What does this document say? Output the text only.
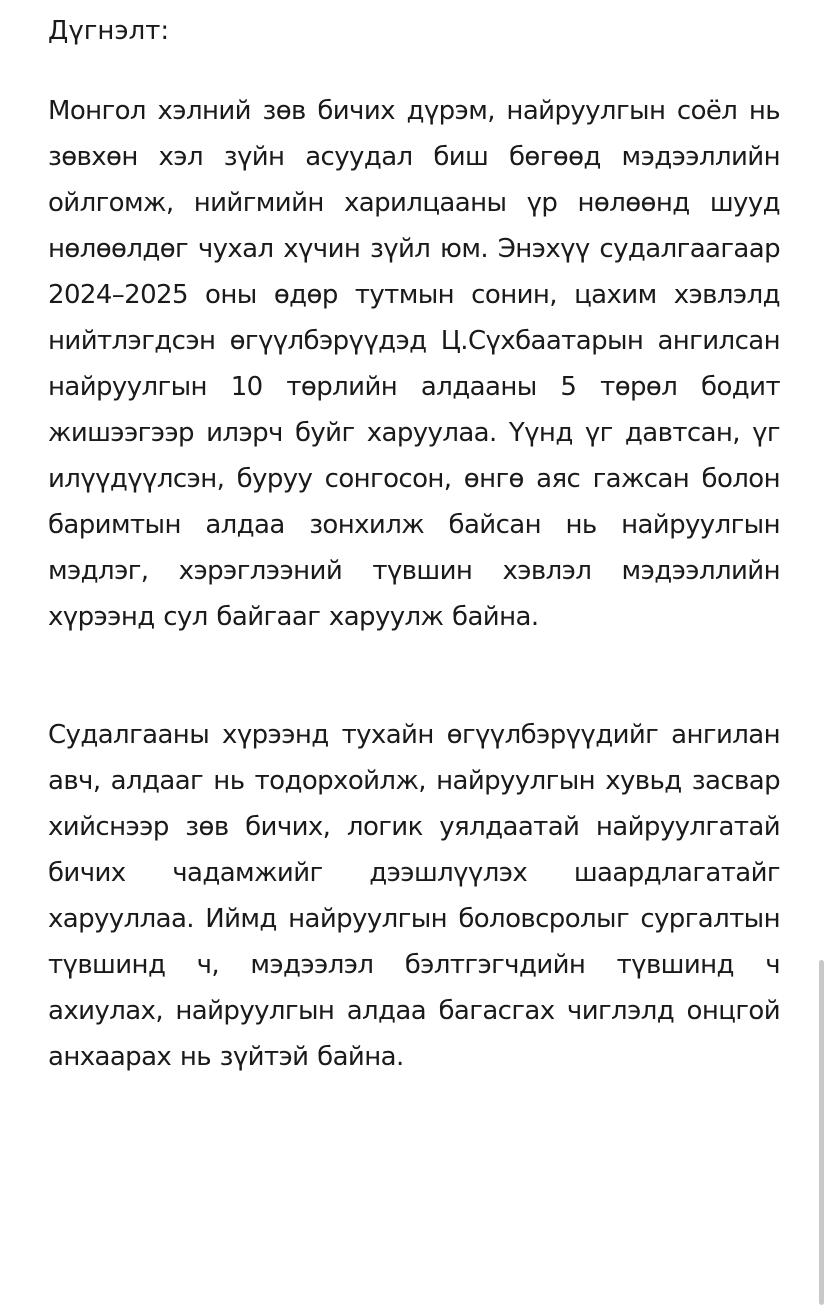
Дүгнэлт:

Монгол хэлний зөв бичих дүрэм, найруулгын соёл нь зөвхөн хэл зүйн асуудал биш бөгөөд мэдээллийн ойлгомж, нийгмийн харилцааны үр нөлөөнд шууд нөлөөлдөг чухал хүчин зүйл юм. Энэхүү судалгаагаар 2024–2025 оны өдөр тутмын сонин, цахим хэвлэлд нийтлэгдсэн өгүүлбэрүүдэд Ц.Сүхбаатарын ангилсан найруулгын 10 төрлийн алдааны 5 төрөл бодит жишээгээр илэрч буйг харуулаа. Үүнд үг давтсан, үг илүүдүүлсэн, буруу сонгосон, өнгө аяс гажсан болон баримтын алдаа зонхилж байсан нь найруулгын мэдлэг, хэрэглээний түвшин хэвлэл мэдээллийн хүрээнд сул байгааг харуулж байна.

Судалгааны хүрээнд тухайн өгүүлбэрүүдийг ангилан авч, алдааг нь тодорхойлж, найруулгын хувьд засвар хийснээр зөв бичих, логик уялдаатай найруулгатай бичих чадамжийг дээшлүүлэх шаардлагатайг харууллаа. Иймд найруулгын боловсролыг сургалтын түвшинд ч, мэдээлэл бэлтгэгчдийн түвшинд ч ахиулах, найруулгын алдаа багасгах чиглэлд онцгой анхаарах нь зүйтэй байна.
